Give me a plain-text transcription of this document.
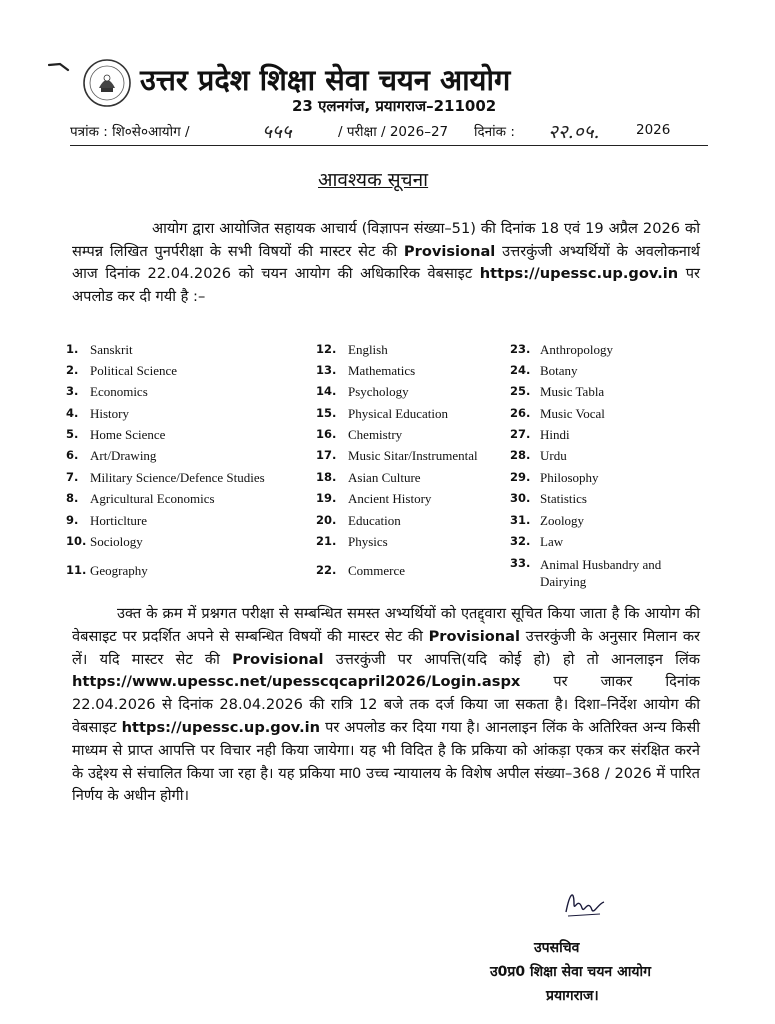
उत्तर प्रदेश शिक्षा सेवा चयन आयोग
23 एलनगंज, प्रयागराज–211002
पत्रांक : शि०से०आयोग /	५५५	/ परीक्षा / 2026–27 दिनांक : २२.०५.	2026
आवश्यक सूचना
आयोग द्वारा आयोजित सहायक आचार्य (विज्ञापन संख्या–51) की दिनांक 18 एवं 19 अप्रैल 2026 को सम्पन्न लिखित पुनर्परीक्षा के सभी विषयों की मास्टर सेट की Provisional उत्तरकुंजी अभ्यर्थियों के अवलोकनार्थ आज दिनांक 22.04.2026 को चयन आयोग की अधिकारिक वेबसाइट https://upessc.up.gov.in पर अपलोड कर दी गयी है :–
1. Sanskrit
2. Political Science
3. Economics
4. History
5. Home Science
6. Art/Drawing
7. Military Science/Defence Studies
8. Agricultural Economics
9. Horticlture
10. Sociology
11. Geography
12. English
13. Mathematics
14. Psychology
15. Physical Education
16. Chemistry
17. Music Sitar/Instrumental
18. Asian Culture
19. Ancient History
20. Education
21. Physics
22. Commerce
23. Anthropology
24. Botany
25. Music Tabla
26. Music Vocal
27. Hindi
28. Urdu
29. Philosophy
30. Statistics
31. Zoology
32. Law
33. Animal Husbandry and Dairying
उक्त के क्रम में प्रश्नगत परीक्षा से सम्बन्धित समस्त अभ्यर्थियों को एतद्द्वारा सूचित किया जाता है कि आयोग की वेबसाइट पर प्रदर्शित अपने से सम्बन्धित विषयों की मास्टर सेट की Provisional उत्तरकुंजी के अनुसार मिलान कर लें। यदि मास्टर सेट की Provisional उत्तरकुंजी पर आपत्ति(यदि कोई हो) हो तो आनलाइन लिंक https://www.upessc.net/upesscqcapril2026/Login.aspx पर जाकर दिनांक 22.04.2026 से दिनांक 28.04.2026 की रात्रि 12 बजे तक दर्ज किया जा सकता है। दिशा–निर्देश आयोग की वेबसाइट https://upessc.up.gov.in पर अपलोड कर दिया गया है। आनलाइन लिंक के अतिरिक्त अन्य किसी माध्यम से प्राप्त आपत्ति पर विचार नही किया जायेगा। यह भी विदित है कि प्रकिया को आंकड़ा एकत्र कर संरक्षित करने के उद्देश्य से संचालित किया जा रहा है। यह प्रकिया मा0 उच्च न्यायालय के विशेष अपील संख्या–368 / 2026 में पारित निर्णय के अधीन होगी।
उपसचिव
उ0प्र0 शिक्षा सेवा चयन आयोग
प्रयागराज।
